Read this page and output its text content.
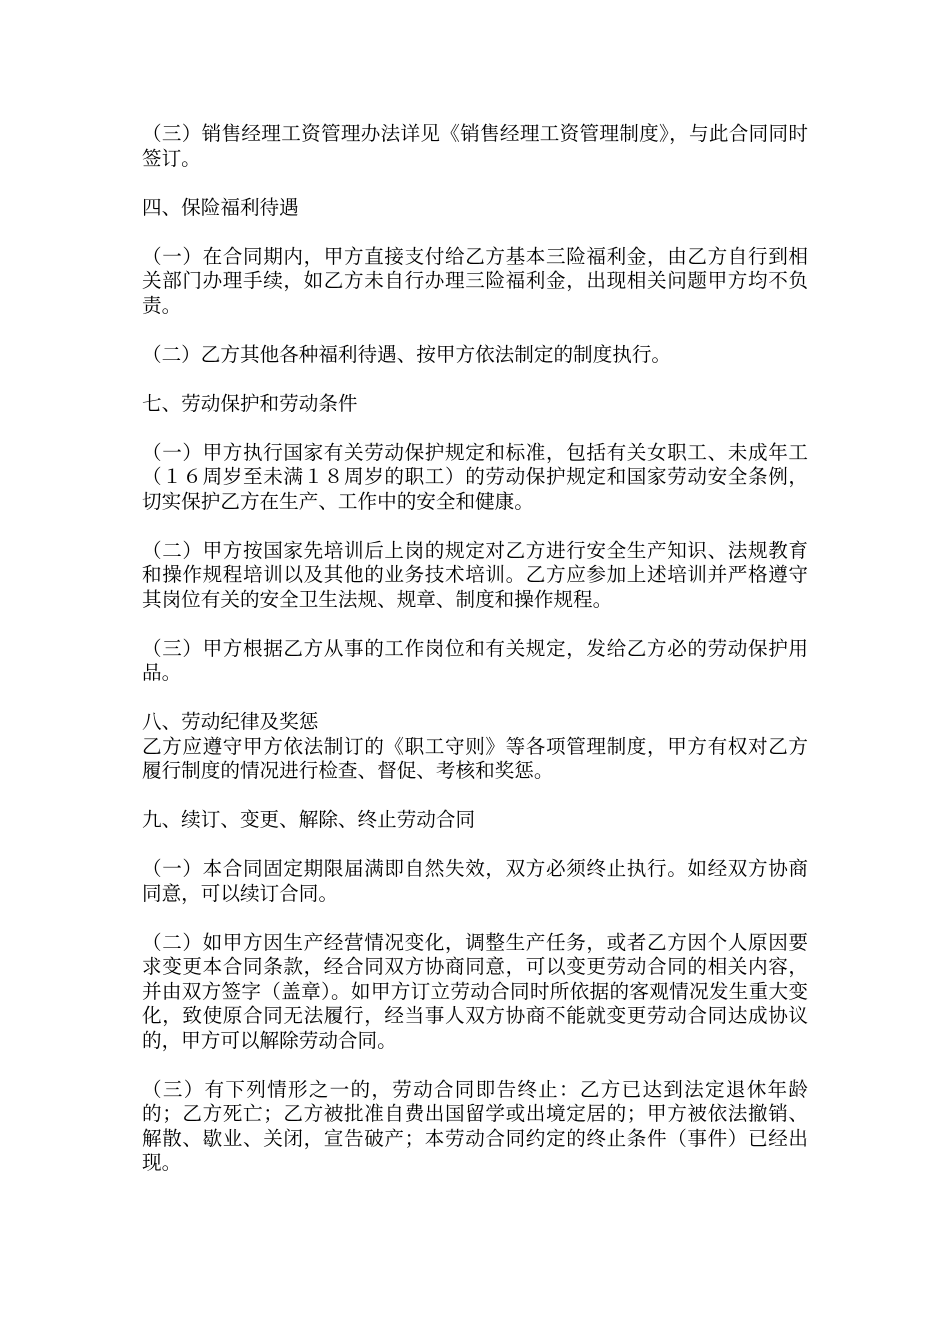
（三）销售经理工资管理办法详见《销售经理工资管理制度》，与此合同同时签订。

四、保险福利待遇

（一）在合同期内，甲方直接支付给乙方基本三险福利金，由乙方自行到相关部门办理手续，如乙方未自行办理三险福利金，出现相关问题甲方均不负责。

（二）乙方其他各种福利待遇、按甲方依法制定的制度执行。

七、劳动保护和劳动条件

（一）甲方执行国家有关劳动保护规定和标准，包括有关女职工、未成年工（１６周岁至未满１８周岁的职工）的劳动保护规定和国家劳动安全条例，切实保护乙方在生产、工作中的安全和健康。

（二）甲方按国家先培训后上岗的规定对乙方进行安全生产知识、法规教育和操作规程培训以及其他的业务技术培训。乙方应参加上述培训并严格遵守其岗位有关的安全卫生法规、规章、制度和操作规程。

（三）甲方根据乙方从事的工作岗位和有关规定，发给乙方必的劳动保护用品。

八、劳动纪律及奖惩

乙方应遵守甲方依法制订的《职工守则》等各项管理制度，甲方有权对乙方履行制度的情况进行检查、督促、考核和奖惩。

九、续订、变更、解除、终止劳动合同

（一）本合同固定期限届满即自然失效，双方必须终止执行。如经双方协商同意，可以续订合同。

（二）如甲方因生产经营情况变化，调整生产任务，或者乙方因个人原因要求变更本合同条款，经合同双方协商同意，可以变更劳动合同的相关内容，并由双方签字（盖章）。如甲方订立劳动合同时所依据的客观情况发生重大变化，致使原合同无法履行，经当事人双方协商不能就变更劳动合同达成协议的，甲方可以解除劳动合同。

（三）有下列情形之一的，劳动合同即告终止：乙方已达到法定退休年龄的；乙方死亡；乙方被批准自费出国留学或出境定居的；甲方被依法撤销、解散、歇业、关闭，宣告破产；本劳动合同约定的终止条件（事件）已经出现。
